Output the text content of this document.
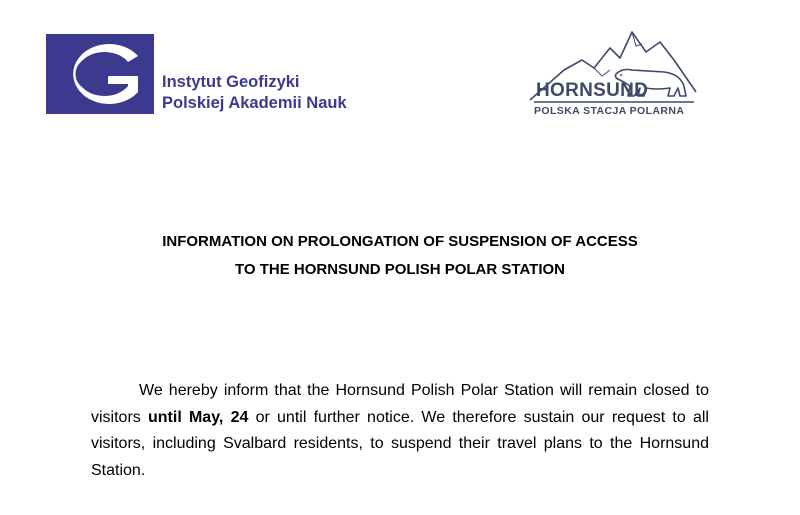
Instytut Geofizyki
Polskiej Akademii Nauk
HORNSUND
POLSKA STACJA POLARNA
INFORMATION ON PROLONGATION OF SUSPENSION OF ACCESS
TO THE HORNSUND POLISH POLAR STATION

We hereby inform that the Hornsund Polish Polar Station will remain closed to visitors until May, 24 or until further notice. We therefore sustain our request to all visitors, including Svalbard residents, to suspend their travel plans to the Hornsund Station.
